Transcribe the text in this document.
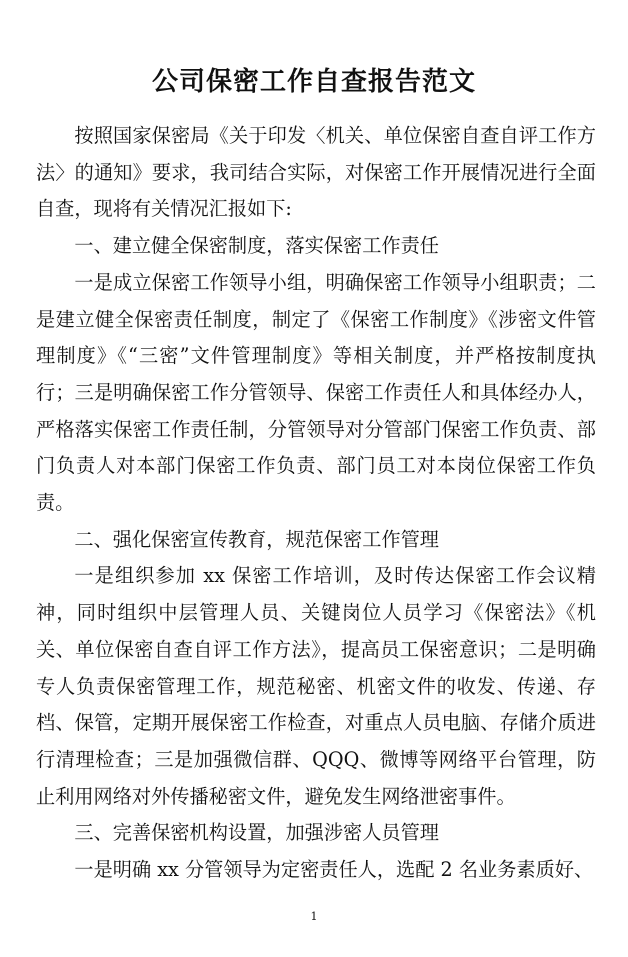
公司保密工作自查报告范文

按照国家保密局《关于印发〈机关、单位保密自查自评工作方法〉的通知》要求，我司结合实际，对保密工作开展情况进行全面自查，现将有关情况汇报如下:

一、建立健全保密制度，落实保密工作责任

一是成立保密工作领导小组，明确保密工作领导小组职责；二是建立健全保密责任制度，制定了《保密工作制度》《涉密文件管理制度》《“三密”文件管理制度》等相关制度，并严格按制度执行；三是明确保密工作分管领导、保密工作责任人和具体经办人，严格落实保密工作责任制，分管领导对分管部门保密工作负责、部门负责人对本部门保密工作负责、部门员工对本岗位保密工作负责。

二、强化保密宣传教育，规范保密工作管理

一是组织参加 xx 保密工作培训，及时传达保密工作会议精神，同时组织中层管理人员、关键岗位人员学习《保密法》《机关、单位保密自查自评工作方法》，提高员工保密意识；二是明确专人负责保密管理工作，规范秘密、机密文件的收发、传递、存档、保管，定期开展保密工作检查，对重点人员电脑、存储介质进行清理检查；三是加强微信群、QQQ、微博等网络平台管理，防止利用网络对外传播秘密文件，避免发生网络泄密事件。

三、完善保密机构设置，加强涉密人员管理

一是明确 xx 分管领导为定密责任人，选配 2 名业务素质好、

1
